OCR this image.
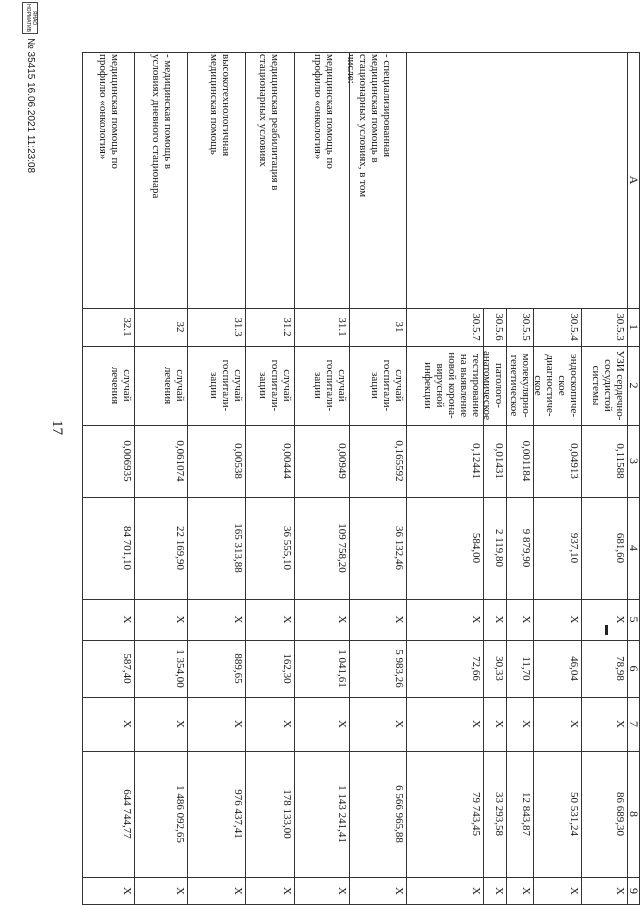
17
A
1
2
3
4
5
6
7
8
9
30.5.3
УЗИ сердечно-
сосудистой
системы
0,11588
681,60
Х
78,98
Х
86 689,30
Х
30.5.4
эндоскопиче-
ское
диагностиче-
ское
0,04913
937,10
Х
46,04
Х
50 531,24
Х
30.5.5
молекулярно-
генетическое
0,001184
9 879,90
Х
11,70
Х
12 843,87
Х
30.5.6
патолого-
анатомическое
0,01431
2 119,80
Х
30,33
Х
33 293,58
Х
30.5.7
тестирование
на выявление
новой корона-
вирусной
инфекции
0,12441
584,00
Х
72,66
Х
79 743,45
Х
- специализированная
медицинская помощь в
стационарных условиях, в том
числе:
31
случай
госпитали-
зации
0,165592
36 132,46
Х
5 983,26
Х
6 566 965,88
Х
медицинская помощь по
профилю «онкология»
31.1
случай
госпитали-
зации
0,00949
109 758,20
Х
1 041,61
Х
1 143 241,41
Х
медицинская реабилитация в
стационарных условиях
31.2
случай
госпитали-
зации
0,00444
36 555,10
Х
162,30
Х
178 133,00
Х
высокотехнологичная
медицинская помощь
31.3
случай
госпитали-
зации
0,00538
165 313,88
Х
889,65
Х
976 437,41
Х
- медицинская помощь в
условиях дневного стационара
32
случай
лечения
0,061074
22 169,90
Х
1 354,00
Х
1 486 092,65
Х
медицинская помощь по
профилю «онкология»
32.1
случай
лечения
0,006935
84 701,10
Х
587,40
Х
644 744,77
Х
ЯНАО НОРМАТИВ
№ 35415 16.06.2021 11:23:08
